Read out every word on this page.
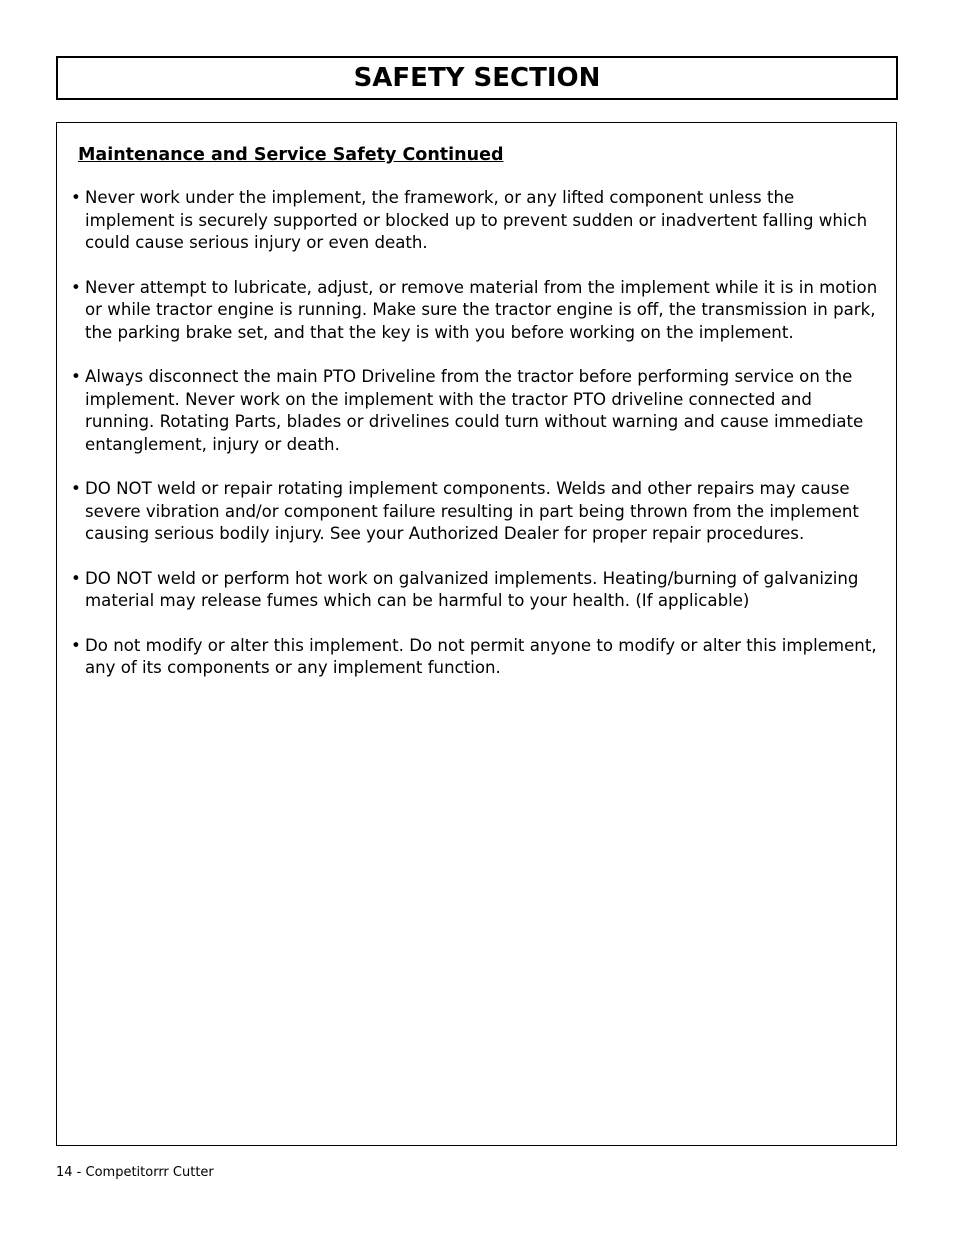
SAFETY SECTION
Maintenance and Service Safety Continued
• Never work under the implement, the framework, or any lifted component unless the implement is securely supported or blocked up to prevent sudden or inadvertent falling which could cause serious injury or even death.
• Never attempt to lubricate, adjust, or remove material from the implement while it is in motion or while tractor engine is running. Make sure the tractor engine is off, the transmission in park, the parking brake set, and that the key is with you before working on the implement.
• Always disconnect the main PTO Driveline from the tractor before performing service on the implement. Never work on the implement with the tractor PTO driveline connected and running. Rotating Parts, blades or drivelines could turn without warning and cause immediate entanglement, injury or death.
• DO NOT weld or repair rotating implement components. Welds and other repairs may cause severe vibration and/or component failure resulting in part being thrown from the implement causing serious bodily injury. See your Authorized Dealer for proper repair procedures.
• DO NOT weld or perform hot work on galvanized implements. Heating/burning of galvanizing material may release fumes which can be harmful to your health. (If applicable)
• Do not modify or alter this implement. Do not permit anyone to modify or alter this implement, any of its components or any implement function.
14 - Competitorrr Cutter
